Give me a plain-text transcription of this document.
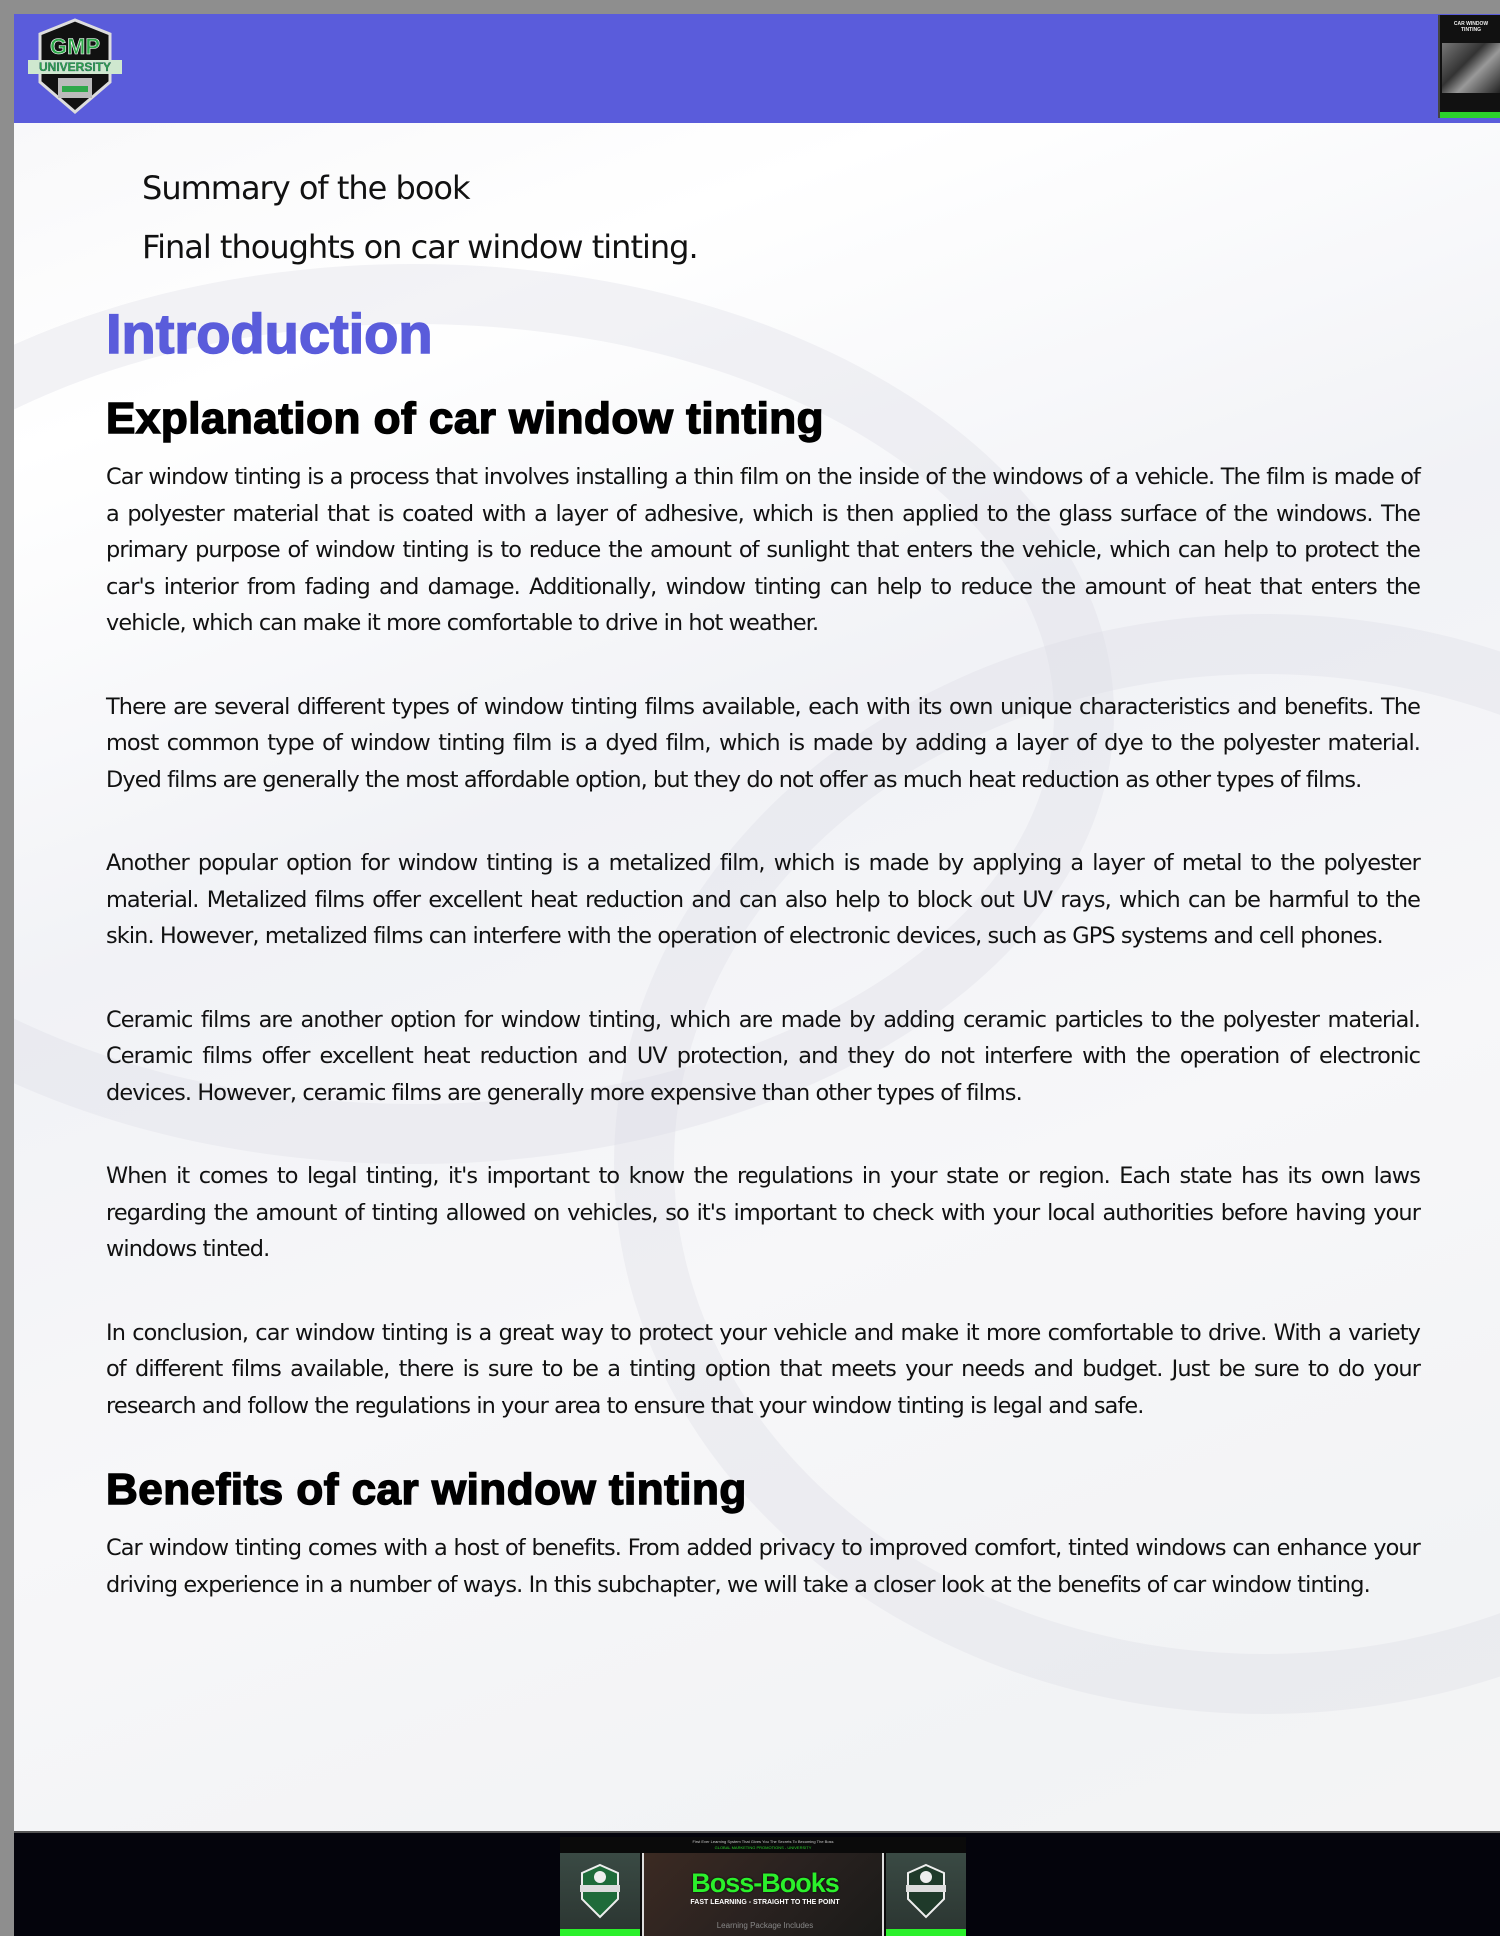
GMP
UNIVERSITY
CAR WINDOW TINTING
Summary of the book
Final thoughts on car window tinting.
Introduction
Explanation of car window tinting

Car window tinting is a process that involves installing a thin film on the inside of the windows of a vehicle. The film is made of a polyester material that is coated with a layer of adhesive, which is then applied to the glass surface of the windows. The primary purpose of window tinting is to reduce the amount of sunlight that enters the vehicle, which can help to protect the car's interior from fading and damage. Additionally, window tinting can help to reduce the amount of heat that enters the vehicle, which can make it more comfortable to drive in hot weather.

There are several different types of window tinting films available, each with its own unique characteristics and benefits. The most common type of window tinting film is a dyed film, which is made by adding a layer of dye to the polyester material. Dyed films are generally the most affordable option, but they do not offer as much heat reduction as other types of films.

Another popular option for window tinting is a metalized film, which is made by applying a layer of metal to the polyester material. Metalized films offer excellent heat reduction and can also help to block out UV rays, which can be harmful to the skin. However, metalized films can interfere with the operation of electronic devices, such as GPS systems and cell phones.

Ceramic films are another option for window tinting, which are made by adding ceramic particles to the polyester material. Ceramic films offer excellent heat reduction and UV protection, and they do not interfere with the operation of electronic devices. However, ceramic films are generally more expensive than other types of films.

When it comes to legal tinting, it's important to know the regulations in your state or region. Each state has its own laws regarding the amount of tinting allowed on vehicles, so it's important to check with your local authorities before having your windows tinted.

In conclusion, car window tinting is a great way to protect your vehicle and make it more comfortable to drive. With a variety of different films available, there is sure to be a tinting option that meets your needs and budget. Just be sure to do your research and follow the regulations in your area to ensure that your window tinting is legal and safe.

Benefits of car window tinting

Car window tinting comes with a host of benefits. From added privacy to improved comfort, tinted windows can enhance your driving experience in a number of ways. In this subchapter, we will take a closer look at the benefits of car window tinting.

First Ever Learning System That Gives You The Secrets To Becoming The Boss
GLOBAL MARKETING PROMOTIONS - UNIVERSITY
Boss-Books
FAST LEARNING - STRAIGHT TO THE POINT
Learning Package Includes
